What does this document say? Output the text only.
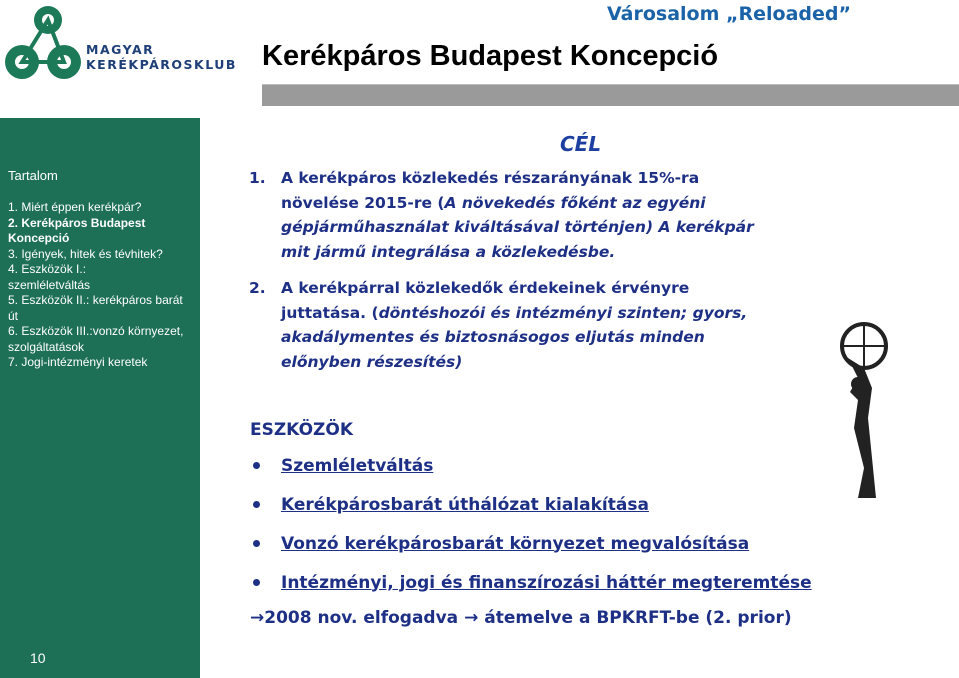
MAGYAR
KERÉKPÁROSKLUB
Városalom „Reloaded”
Kerékpáros Budapest Koncepció
Tartalom
1. Miért éppen kerékpár?
2. Kerékpáros Budapest Koncepció
3. Igények, hitek és tévhitek?
4. Eszközök I.:
szemléletváltás
5. Eszközök II.: kerékpáros barát út
6. Eszközök III.:vonzó környezet, szolgáltatások
7. Jogi-intézményi keretek
10
CÉL
1. A kerékpáros közlekedés részarányának 15%-ra
növelése 2015-re (A növekedés főként az egyéni
gépjárműhasználat kiváltásával történjen) A kerékpár
mit jármű integrálása a közlekedésbe.
2. A kerékpárral közlekedők érdekeinek érvényre
juttatása. (döntéshozói és intézményi szinten; gyors,
akadálymentes és biztosnásogos eljutás minden
előnyben részesítés)
ESZKÖZÖK
Szemléletváltás
Kerékpárosbarát úthálózat kialakítása
Vonzó kerékpárosbarát környezet megvalósítása
Intézményi, jogi és finanszírozási háttér megteremtése
→2008 nov. elfogadva → átemelve a BPKRFT-be (2. prior)
2010 február 6.	László János
